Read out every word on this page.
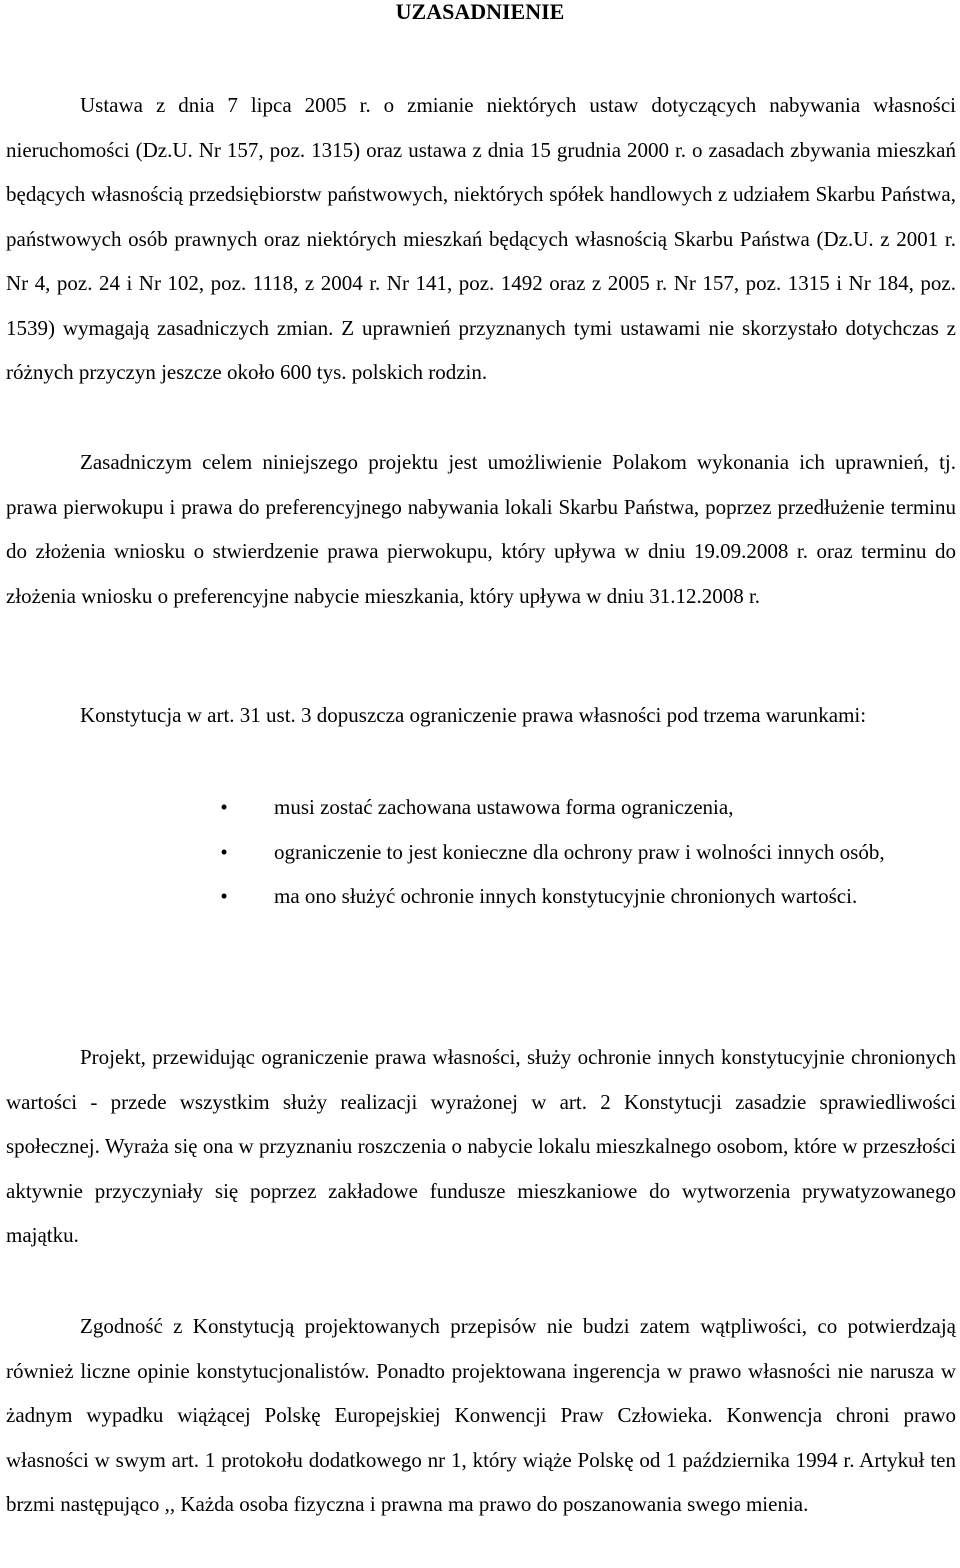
UZASADNIENIE

Ustawa z dnia 7 lipca 2005 r. o zmianie niektórych ustaw dotyczących nabywania własności nieruchomości (Dz.U. Nr 157, poz. 1315) oraz ustawa z dnia 15 grudnia 2000 r. o zasadach zbywania mieszkań będących własnością przedsiębiorstw państwowych, niektórych spółek handlowych z udziałem Skarbu Państwa, państwowych osób prawnych oraz niektórych mieszkań będących własnością Skarbu Państwa (Dz.U. z 2001 r. Nr 4, poz. 24 i Nr 102, poz. 1118, z 2004 r. Nr 141, poz. 1492 oraz z 2005 r. Nr 157, poz. 1315 i Nr 184, poz. 1539) wymagają zasadniczych zmian. Z uprawnień przyznanych tymi ustawami nie skorzystało dotychczas z różnych przyczyn jeszcze około 600 tys. polskich rodzin.

Zasadniczym celem niniejszego projektu jest umożliwienie Polakom wykonania ich uprawnień, tj. prawa pierwokupu i prawa do preferencyjnego nabywania lokali Skarbu Państwa, poprzez przedłużenie terminu do złożenia wniosku o stwierdzenie prawa pierwokupu, który upływa w dniu 19.09.2008 r. oraz terminu do złożenia wniosku o preferencyjne nabycie mieszkania, który upływa w dniu 31.12.2008 r.

Konstytucja w art. 31 ust. 3 dopuszcza ograniczenie prawa własności pod trzema warunkami:

•	musi zostać zachowana ustawowa forma ograniczenia,
•	ograniczenie to jest konieczne dla ochrony praw i wolności innych osób,
•	ma ono służyć ochronie innych konstytucyjnie chronionych wartości.

Projekt, przewidując ograniczenie prawa własności, służy ochronie innych konstytucyjnie chronionych wartości - przede wszystkim służy realizacji wyrażonej w art. 2 Konstytucji zasadzie sprawiedliwości społecznej. Wyraża się ona w przyznaniu roszczenia o nabycie lokalu mieszkalnego osobom, które w przeszłości aktywnie przyczyniały się poprzez zakładowe fundusze mieszkaniowe do wytworzenia prywatyzowanego majątku.

Zgodność z Konstytucją projektowanych przepisów nie budzi zatem wątpliwości, co potwierdzają również liczne opinie konstytucjonalistów. Ponadto projektowana ingerencja w prawo własności nie narusza w żadnym wypadku wiążącej Polskę Europejskiej Konwencji Praw Człowieka. Konwencja chroni prawo własności w swym art. 1 protokołu dodatkowego nr 1, który wiąże Polskę od 1 października 1994 r. Artykuł ten brzmi następująco ,, Każda osoba fizyczna i prawna ma prawo do poszanowania swego mienia.
